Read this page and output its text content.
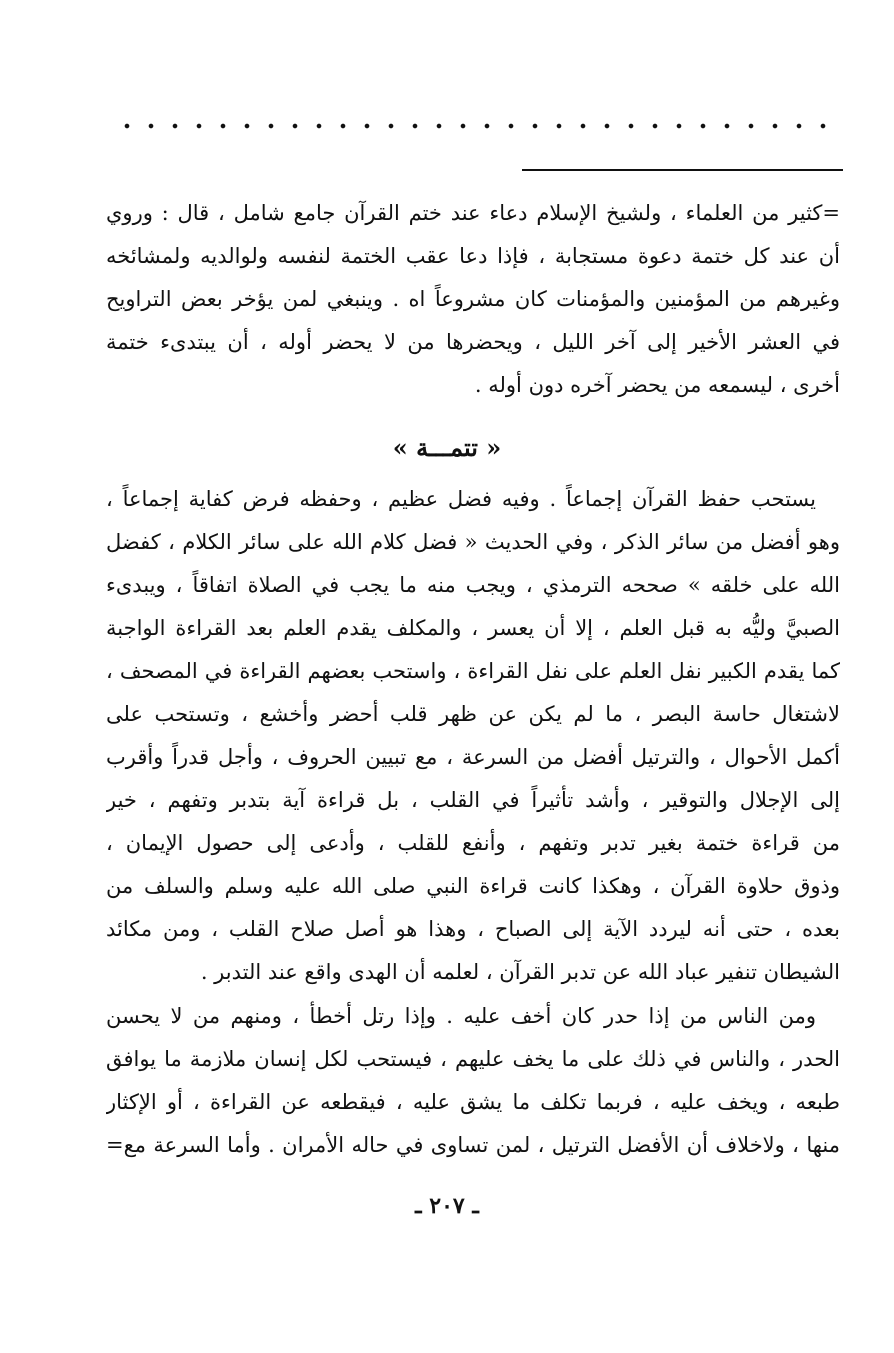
=كثير من العلماء ، ولشيخ الإسلام دعاء عند ختم القرآن جامع شامل ، قال : وروي
أن عند كل ختمة دعوة مستجابة ، فإذا دعا عقب الختمة لنفسه ولوالديه ولمشائخه
وغيرهم من المؤمنين والمؤمنات كان مشروعاً اه . وينبغي لمن يؤخر بعض التراويح
في العشر الأخير إلى آخر الليل ، ويحضرها من لا يحضر أوله ، أن يبتدىء ختمة
أخرى ، ليسمعه من يحضر آخره دون أوله .
« تتمـــة »
يستحب حفظ القرآن إجماعاً . وفيه فضل عظيم ، وحفظه فرض كفاية إجماعاً ،
وهو أفضل من سائر الذكر ، وفي الحديث « فضل كلام الله على سائر الكلام ، كفضل
الله على خلقه » صححه الترمذي ، ويجب منه ما يجب في الصلاة اتفاقاً ، ويبدىء
الصبيَّ وليُّه به قبل العلم ، إلا أن يعسر ، والمكلف يقدم العلم بعد القراءة الواجبة
كما يقدم الكبير نفل العلم على نفل القراءة ، واستحب بعضهم القراءة في المصحف ،
لاشتغال حاسة البصر ، ما لم يكن عن ظهر قلب أحضر وأخشع ، وتستحب على
أكمل الأحوال ، والترتيل أفضل من السرعة ، مع تبيين الحروف ، وأجل قدراً وأقرب
إلى الإجلال والتوقير ، وأشد تأثيراً في القلب ، بل قراءة آية بتدبر وتفهم ، خير
من قراءة ختمة بغير تدبر وتفهم ، وأنفع للقلب ، وأدعى إلى حصول الإيمان ،
وذوق حلاوة القرآن ، وهكذا كانت قراءة النبي صلى الله عليه وسلم والسلف من
بعده ، حتى أنه ليردد الآية إلى الصباح ، وهذا هو أصل صلاح القلب ، ومن مكائد
الشيطان تنفير عباد الله عن تدبر القرآن ، لعلمه أن الهدى واقع عند التدبر .
ومن الناس من إذا حدر كان أخف عليه . وإذا رتل أخطأ ، ومنهم من لا يحسن
الحدر ، والناس في ذلك على ما يخف عليهم ، فيستحب لكل إنسان ملازمة ما يوافق
طبعه ، ويخف عليه ، فربما تكلف ما يشق عليه ، فيقطعه عن القراءة ، أو الإكثار
منها ، ولاخلاف أن الأفضل الترتيل ، لمن تساوى في حاله الأمران . وأما السرعة مع=
ـ ٢٠٧ ـ
